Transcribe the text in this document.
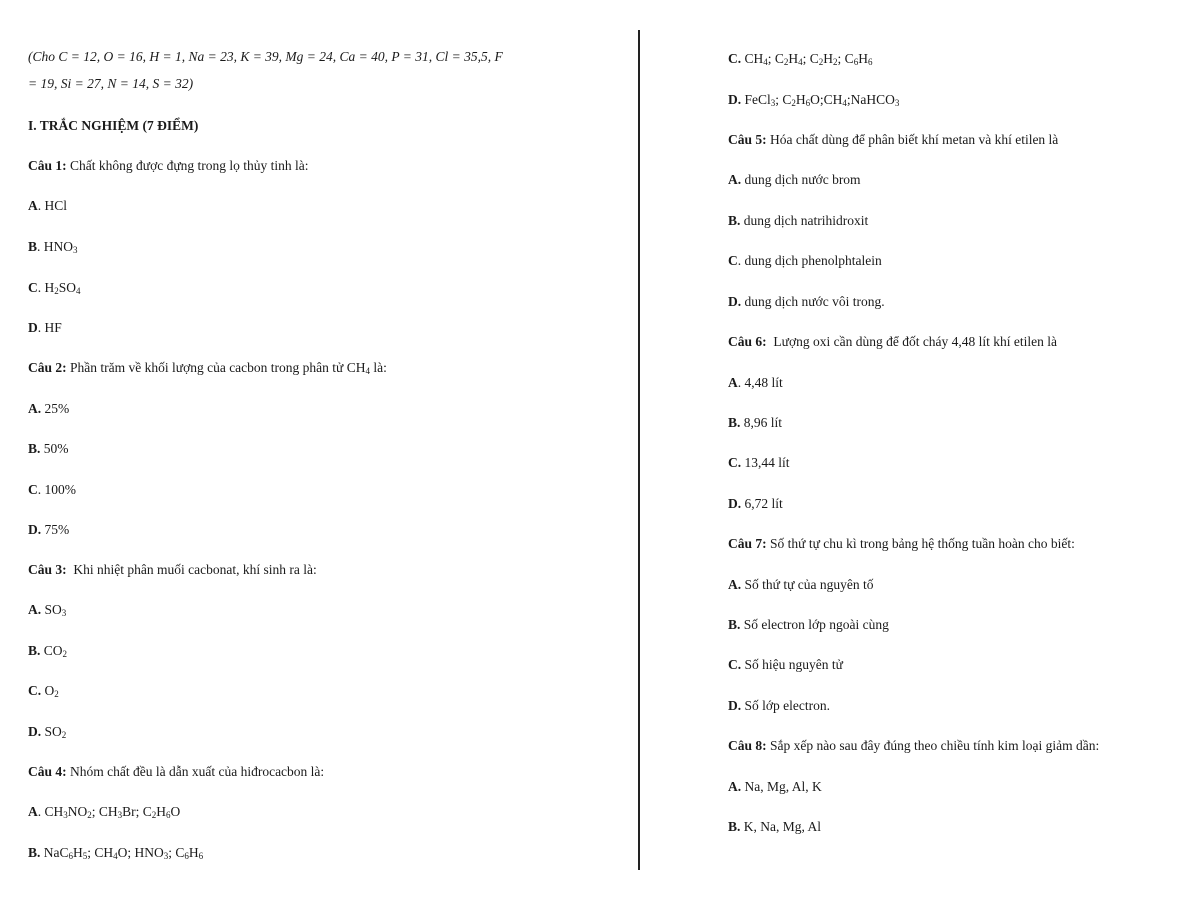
(Cho C = 12, O = 16, H = 1, Na = 23, K = 39, Mg = 24, Ca = 40, P = 31, Cl = 35,5, F
= 19, Si = 27, N = 14, S = 32)
I. TRẮC NGHIỆM (7 ĐIỂM)
Câu 1: Chất không được đựng trong lọ thủy tinh là:
A. HCl
B. $HNO_3$
C. $H_2SO_4$
D. HF
Câu 2: Phần trăm về khối lượng của cacbon trong phân tử $CH_4$ là:
A. 25%
B. 50%
C. 100%
D. 75%
Câu 3: Khi nhiệt phân muối cacbonat, khí sinh ra là:
A. $SO_3$
B. $CO_2$
C. $O_2$
D. $SO_2$
Câu 4: Nhóm chất đều là dẫn xuất của hiđrocacbon là:
A. $CH_3NO_2$; $CH_3Br$; $C_2H_6O$
B. $NaC_6H_5$; $CH_4O$; $HNO_3$; $C_6H_6$
C. $CH_4$; $C_2H_4$; $C_2H_2$; $C_6H_6$
D. FeCl$_3$; $C_2H_6O;CH_4;NaHCO_3$
Câu 5: Hóa chất dùng để phân biết khí metan và khí etilen là
A. dung dịch nước brom
B. dung dịch natrihidroxit
C. dung dịch phenolphtalein
D. dung dịch nước vôi trong.
Câu 6: Lượng oxi cần dùng để đốt cháy 4,48 lít khí etilen là
A. 4,48 lít
B. 8,96 lít
C. 13,44 lít
D. 6,72 lít
Câu 7: Số thứ tự chu kì trong bảng hệ thống tuần hoàn cho biết:
A. Số thứ tự của nguyên tố
B. Số electron lớp ngoài cùng
C. Số hiệu nguyên tử
D. Số lớp electron.
Câu 8: Sắp xếp nào sau đây đúng theo chiều tính kim loại giảm dần:
A. Na, Mg, Al, K
B. K, Na, Mg, Al
